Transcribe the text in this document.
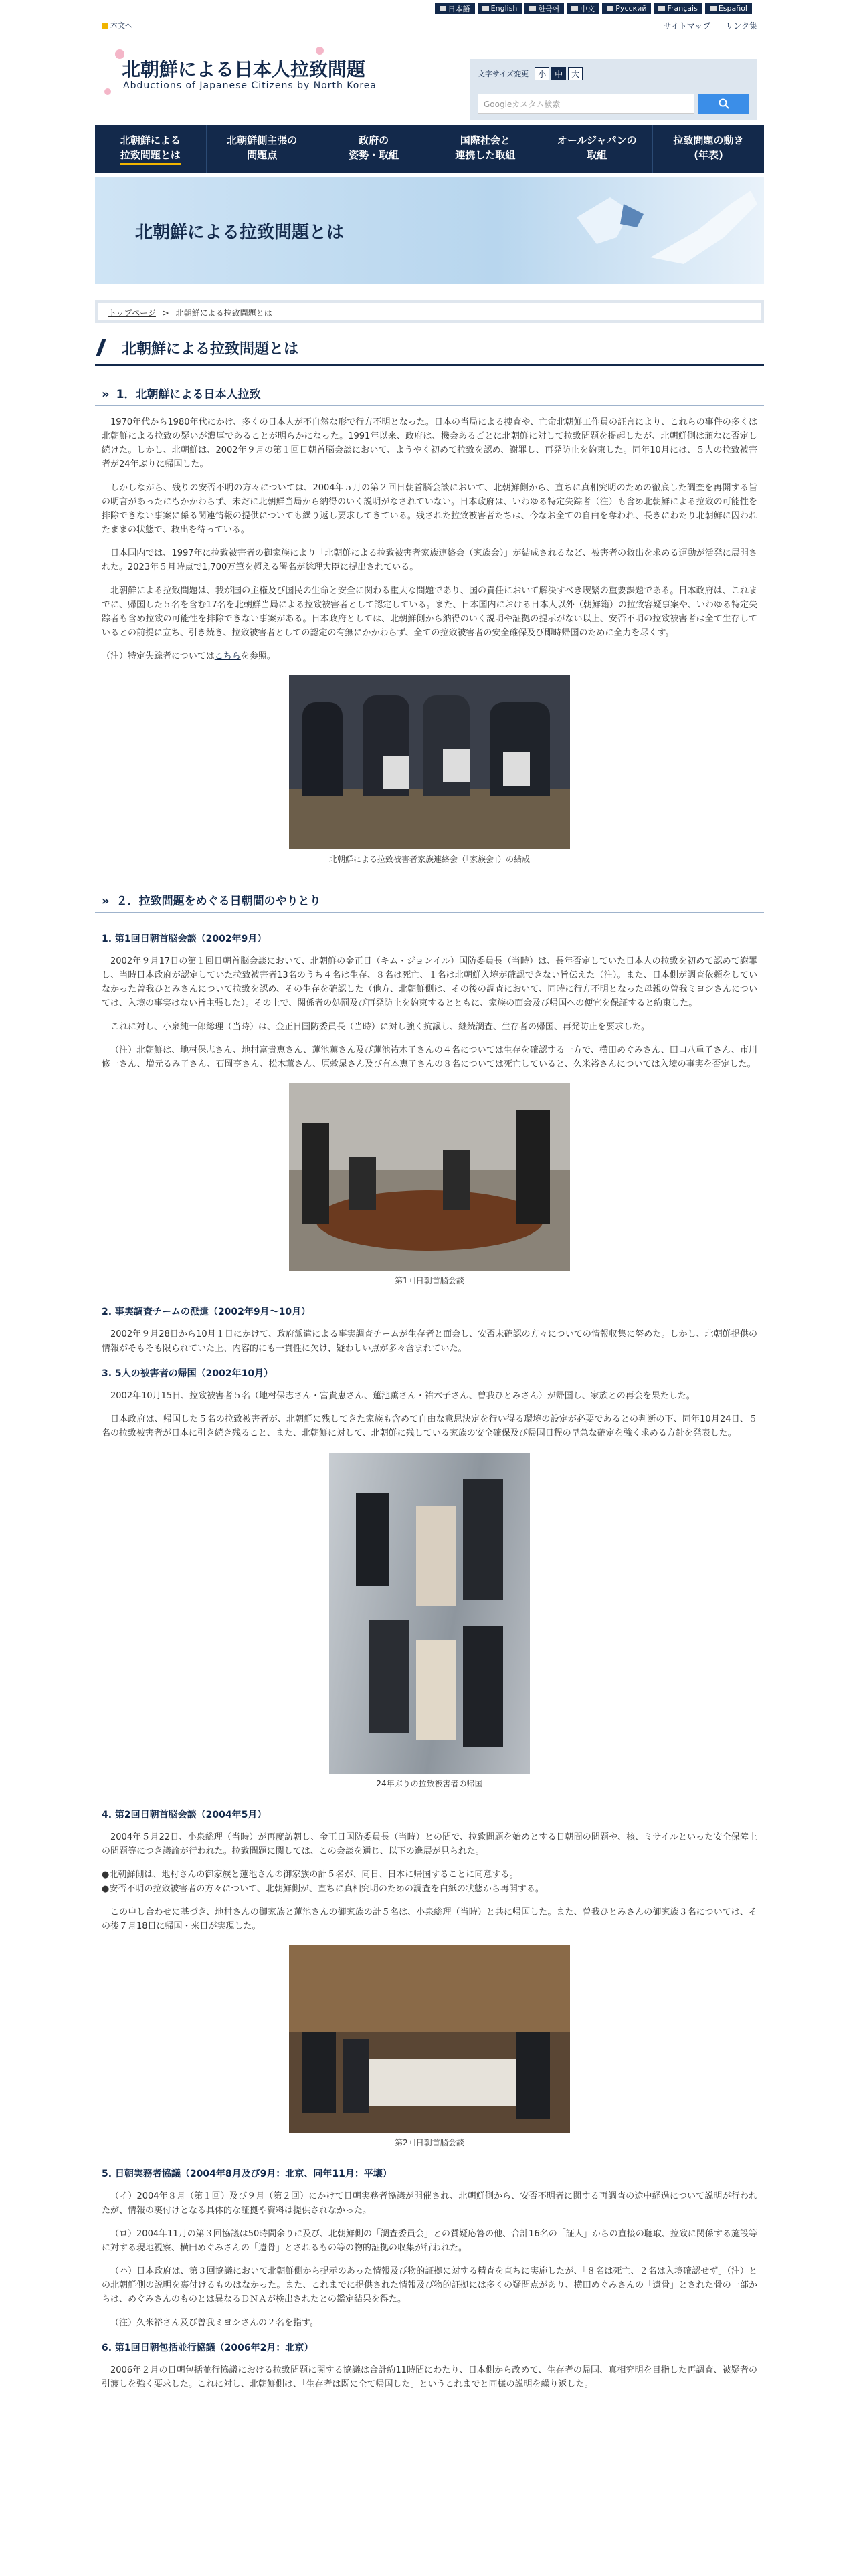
日本語	English	한국어	中文	Русский	Français	Español
本文へ
北朝鮮による日本人拉致問題
Abductions of Japanese Citizens by North Korea
サイトマップ リンク集
文字サイズ変更	小	中	大
Googleカスタム検索
北朝鮮による
拉致問題とは
北朝鮮側主張の
問題点
政府の
姿勢・取組
国際社会と
連携した取組
オールジャパンの
取組
拉致問題の動き
(年表)
北朝鮮による拉致問題とは
トップページ > 北朝鮮による拉致問題とは
北朝鮮による拉致問題とは
» 1．北朝鮮による日本人拉致

1970年代から1980年代にかけ、多くの日本人が不自然な形で行方不明となった。日本の当局による捜査や、亡命北朝鮮工作員の証言により、これらの事件の多くは北朝鮮による拉致の疑いが濃厚であることが明らかになった。1991年以来、政府は、機会あるごとに北朝鮮に対して拉致問題を提起したが、北朝鮮側は頑なに否定し続けた。しかし、北朝鮮は、2002年９月の第１回日朝首脳会談において、ようやく初めて拉致を認め、謝罪し、再発防止を約束した。同年10月には、５人の拉致被害者が24年ぶりに帰国した。

しかしながら、残りの安否不明の方々については、2004年５月の第２回日朝首脳会談において、北朝鮮側から、直ちに真相究明のための徹底した調査を再開する旨の明言があったにもかかわらず、未だに北朝鮮当局から納得のいく説明がなされていない。日本政府は、いわゆる特定失踪者（注）も含め北朝鮮による拉致の可能性を排除できない事案に係る関連情報の提供についても繰り返し要求してきている。残された拉致被害者たちは、今なお全ての自由を奪われ、長きにわたり北朝鮮に囚われたままの状態で、救出を待っている。

日本国内では、1997年に拉致被害者の御家族により「北朝鮮による拉致被害者家族連絡会（家族会）」が結成されるなど、被害者の救出を求める運動が活発に展開された。2023年５月時点で1,700万筆を超える署名が総理大臣に提出されている。

北朝鮮による拉致問題は、我が国の主権及び国民の生命と安全に関わる重大な問題であり、国の責任において解決すべき喫緊の重要課題である。日本政府は、これまでに、帰国した５名を含む17名を北朝鮮当局による拉致被害者として認定している。また、日本国内における日本人以外（朝鮮籍）の拉致容疑事案や、いわゆる特定失踪者も含め拉致の可能性を排除できない事案がある。日本政府としては、北朝鮮側から納得のいく説明や証拠の提示がない以上、安否不明の拉致被害者は全て生存しているとの前提に立ち、引き続き、拉致被害者としての認定の有無にかかわらず、全ての拉致被害者の安全確保及び即時帰国のために全力を尽くす。

（注）特定失踪者についてはこちらを参照。

北朝鮮による拉致被害者家族連絡会（「家族会」）の結成
» ２．拉致問題をめぐる日朝間のやりとり
1. 第1回日朝首脳会談（2002年9月）

2002年９月17日の第１回日朝首脳会談において、北朝鮮の金正日（キム・ジョンイル）国防委員長（当時）は、長年否定していた日本人の拉致を初めて認めて謝罪し、当時日本政府が認定していた拉致被害者13名のうち４名は生存、８名は死亡、１名は北朝鮮入境が確認できない旨伝えた（注）。また、日本側が調査依頼をしていなかった曽我ひとみさんについて拉致を認め、その生存を確認した（他方、北朝鮮側は、その後の調査において、同時に行方不明となった母親の曽我ミヨシさんについては、入境の事実はない旨主張した）。その上で、関係者の処罰及び再発防止を約束するとともに、家族の面会及び帰国への便宜を保証すると約束した。

これに対し、小泉純一郎総理（当時）は、金正日国防委員長（当時）に対し強く抗議し、継続調査、生存者の帰国、再発防止を要求した。

（注）北朝鮮は、地村保志さん、地村富貴恵さん、蓮池薫さん及び蓮池祐木子さんの４名については生存を確認する一方で、横田めぐみさん、田口八重子さん、市川修一さん、増元るみ子さん、石岡亨さん、松木薫さん、原敕晁さん及び有本恵子さんの８名については死亡していると、久米裕さんについては入境の事実を否定した。

第1回日朝首脳会談
2. 事実調査チームの派遣（2002年9月〜10月）

2002年９月28日から10月１日にかけて、政府派遣による事実調査チームが生存者と面会し、安否未確認の方々についての情報収集に努めた。しかし、北朝鮮提供の情報がそもそも限られていた上、内容的にも一貫性に欠け、疑わしい点が多々含まれていた。

3. 5人の被害者の帰国（2002年10月）

2002年10月15日、拉致被害者５名（地村保志さん・富貴恵さん、蓮池薫さん・祐木子さん、曽我ひとみさん）が帰国し、家族との再会を果たした。

日本政府は、帰国した５名の拉致被害者が、北朝鮮に残してきた家族も含めて自由な意思決定を行い得る環境の設定が必要であるとの判断の下、同年10月24日、５名の拉致被害者が日本に引き続き残ること、また、北朝鮮に対して、北朝鮮に残している家族の安全確保及び帰国日程の早急な確定を強く求める方針を発表した。

24年ぶりの拉致被害者の帰国
4. 第2回日朝首脳会談（2004年5月）

2004年５月22日、小泉総理（当時）が再度訪朝し、金正日国防委員長（当時）との間で、拉致問題を始めとする日朝間の問題や、核、ミサイルといった安全保障上の問題等につき議論が行われた。拉致問題に関しては、この会談を通じ、以下の進展が見られた。

●北朝鮮側は、地村さんの御家族と蓮池さんの御家族の計５名が、同日、日本に帰国することに同意する。

●安否不明の拉致被害者の方々について、北朝鮮側が、直ちに真相究明のための調査を白紙の状態から再開する。

この申し合わせに基づき、地村さんの御家族と蓮池さんの御家族の計５名は、小泉総理（当時）と共に帰国した。また、曽我ひとみさんの御家族３名については、その後７月18日に帰国・来日が実現した。

第2回日朝首脳会談
5. 日朝実務者協議（2004年8月及び9月：北京、同年11月：平壌）

（イ）2004年８月（第１回）及び９月（第２回）にかけて日朝実務者協議が開催され、北朝鮮側から、安否不明者に関する再調査の途中経過について説明が行われたが、情報の裏付けとなる具体的な証拠や資料は提供されなかった。

（ロ）2004年11月の第３回協議は50時間余りに及び、北朝鮮側の「調査委員会」との質疑応答の他、合計16名の「証人」からの直接の聴取、拉致に関係する施設等に対する現地視察、横田めぐみさんの「遺骨」とされるもの等の物的証拠の収集が行われた。

（ハ）日本政府は、第３回協議において北朝鮮側から提示のあった情報及び物的証拠に対する精査を直ちに実施したが、「８名は死亡、２名は入境確認せず」（注）との北朝鮮側の説明を裏付けるものはなかった。また、これまでに提供された情報及び物的証拠には多くの疑問点があり、横田めぐみさんの「遺骨」とされた骨の一部からは、めぐみさんのものとは異なるＤＮＡが検出されたとの鑑定結果を得た。

（注）久米裕さん及び曽我ミヨシさんの２名を指す。

6. 第1回日朝包括並行協議（2006年2月：北京）

2006年２月の日朝包括並行協議における拉致問題に関する協議は合計約11時間にわたり、日本側から改めて、生存者の帰国、真相究明を目指した再調査、被疑者の引渡しを強く要求した。これに対し、北朝鮮側は、「生存者は既に全て帰国した」というこれまでと同様の説明を繰り返した。
